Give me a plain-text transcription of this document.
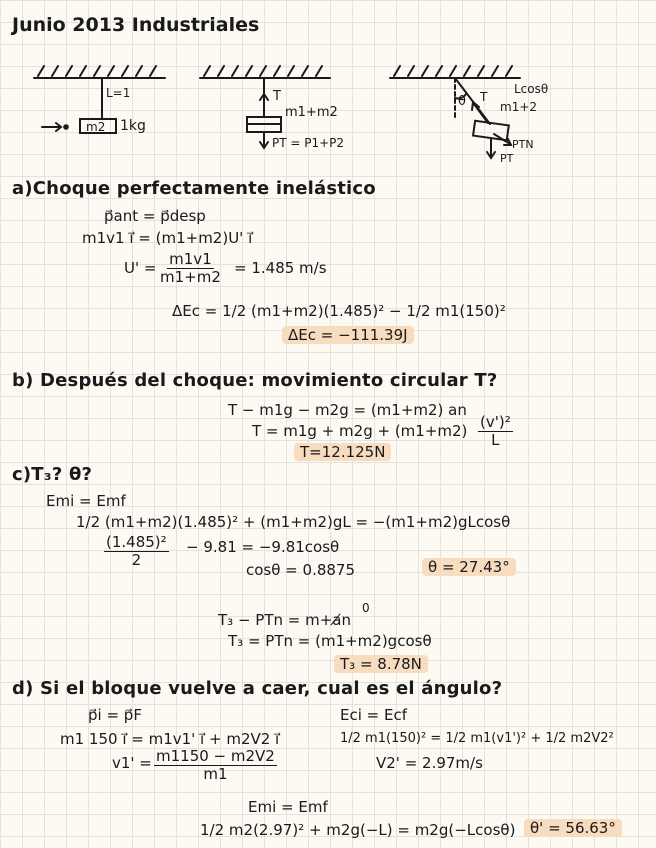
Junio 2013 Industriales
L=1
m2 1kg
T
m1+m2
PT = P1+P2
Lcosθ
θ T
m1+2
PTN
PT
a)Choque perfectamente inelástico
p⃗ant = p⃗desp
m1v1 ı⃗ = (m1+m2)U' ı⃗
$U' = \frac{m1v1}{m1+m2} = 1.485$ m/s
ΔEc = 1/2 (m1+m2)(1.485)² − 1/2 m1(150)²
ΔEc = −111.39J
b) Después del choque: movimiento circular T?
T − m1g − m2g = (m1+m2) an
$T = m1g + m2g + (m1+m2) \frac{\text{(v')²}}{L}$
T=12.125N
c)T₃? θ?
Emi = Emf
1/2 (m1+m2)(1.485)² + (m1+m2)gL = −(m1+m2)gLcosθ
$\frac{\text{(1.485)²}}{2} - 9.81 = -9.81\cos\theta$
cosθ = 0.8875	θ = 27.43°
T₃ − PTn = m+a̸n
0
T₃ = PTn = (m1+m2)gcosθ
T₃ = 8.78N
d) Si el bloque vuelve a caer, cual es el ángulo?
p⃗i = p⃗F
m1 150 ı⃗ = m1v1' ı⃗ + m2V2 ı⃗
$v1' = \frac{m1150 - m2V2}{m1}$
Eci = Ecf
1/2 m1(150)² = 1/2 m1(v1')² + 1/2 m2V2²
V2' = 2.97m/s
Emi = Emf
1/2 m2(2.97)² + m2g(−L) = m2g(−Lcosθ) θ' = 56.63°
